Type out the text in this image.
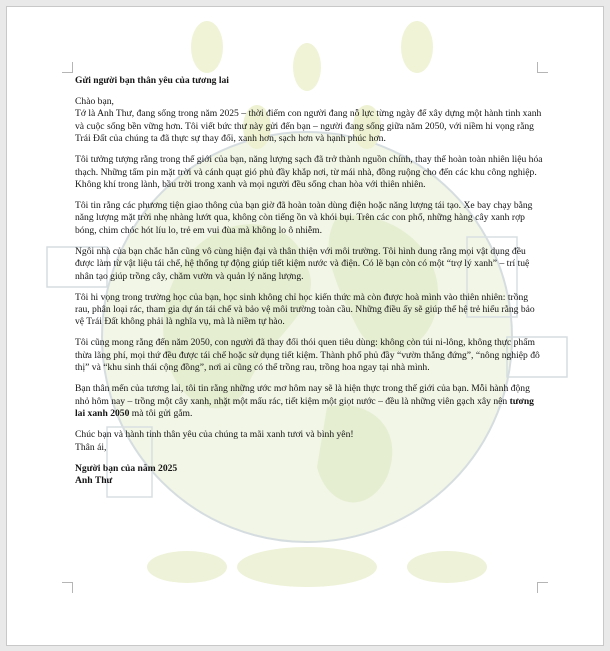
Gửi người bạn thân yêu của tương lai

Chào bạn,
Tớ là Anh Thư, đang sống trong năm 2025 – thời điểm con người đang nỗ lực từng ngày để xây dựng một hành tinh xanh và cuộc sống bền vững hơn. Tôi viết bức thư này gửi đến bạn – người đang sống giữa năm 2050, với niềm hi vọng rằng Trái Đất của chúng ta đã thực sự thay đổi, xanh hơn, sạch hơn và hạnh phúc hơn.

Tôi tưởng tượng rằng trong thế giới của bạn, năng lượng sạch đã trở thành nguồn chính, thay thế hoàn toàn nhiên liệu hóa thạch. Những tấm pin mặt trời và cánh quạt gió phủ đầy khắp nơi, từ mái nhà, đồng ruộng cho đến các khu công nghiệp. Không khí trong lành, bầu trời trong xanh và mọi người đều sống chan hòa với thiên nhiên.

Tôi tin rằng các phương tiện giao thông của bạn giờ đã hoàn toàn dùng điện hoặc năng lượng tái tạo. Xe bay chạy bằng năng lượng mặt trời nhẹ nhàng lướt qua, không còn tiếng ồn và khói bụi. Trên các con phố, những hàng cây xanh rợp bóng, chim chóc hót líu lo, trẻ em vui đùa mà không lo ô nhiễm.

Ngôi nhà của bạn chắc hẳn cũng vô cùng hiện đại và thân thiện với môi trường. Tôi hình dung rằng mọi vật dụng đều được làm từ vật liệu tái chế, hệ thống tự động giúp tiết kiệm nước và điện. Có lẽ bạn còn có một “trợ lý xanh” – trí tuệ nhân tạo giúp trồng cây, chăm vườn và quản lý năng lượng.

Tôi hi vọng trong trường học của bạn, học sinh không chỉ học kiến thức mà còn được hoà mình vào thiên nhiên: trồng rau, phân loại rác, tham gia dự án tái chế và bảo vệ môi trường toàn cầu. Những điều ấy sẽ giúp thế hệ trẻ hiểu rằng bảo vệ Trái Đất không phải là nghĩa vụ, mà là niềm tự hào.

Tôi cũng mong rằng đến năm 2050, con người đã thay đổi thói quen tiêu dùng: không còn túi ni-lông, không thực phẩm thừa lãng phí, mọi thứ đều được tái chế hoặc sử dụng tiết kiệm. Thành phố phủ đầy “vườn thẳng đứng”, “nông nghiệp đô thị” và “khu sinh thái cộng đồng”, nơi ai cũng có thể trồng rau, trồng hoa ngay tại nhà mình.

Bạn thân mến của tương lai, tôi tin rằng những ước mơ hôm nay sẽ là hiện thực trong thế giới của bạn. Mỗi hành động nhỏ hôm nay – trồng một cây xanh, nhặt một mẩu rác, tiết kiệm một giọt nước – đều là những viên gạch xây nên tương lai xanh 2050 mà tôi gửi gắm.

Chúc bạn và hành tinh thân yêu của chúng ta mãi xanh tươi và bình yên!
Thân ái,

Người bạn của năm 2025
Anh Thư
